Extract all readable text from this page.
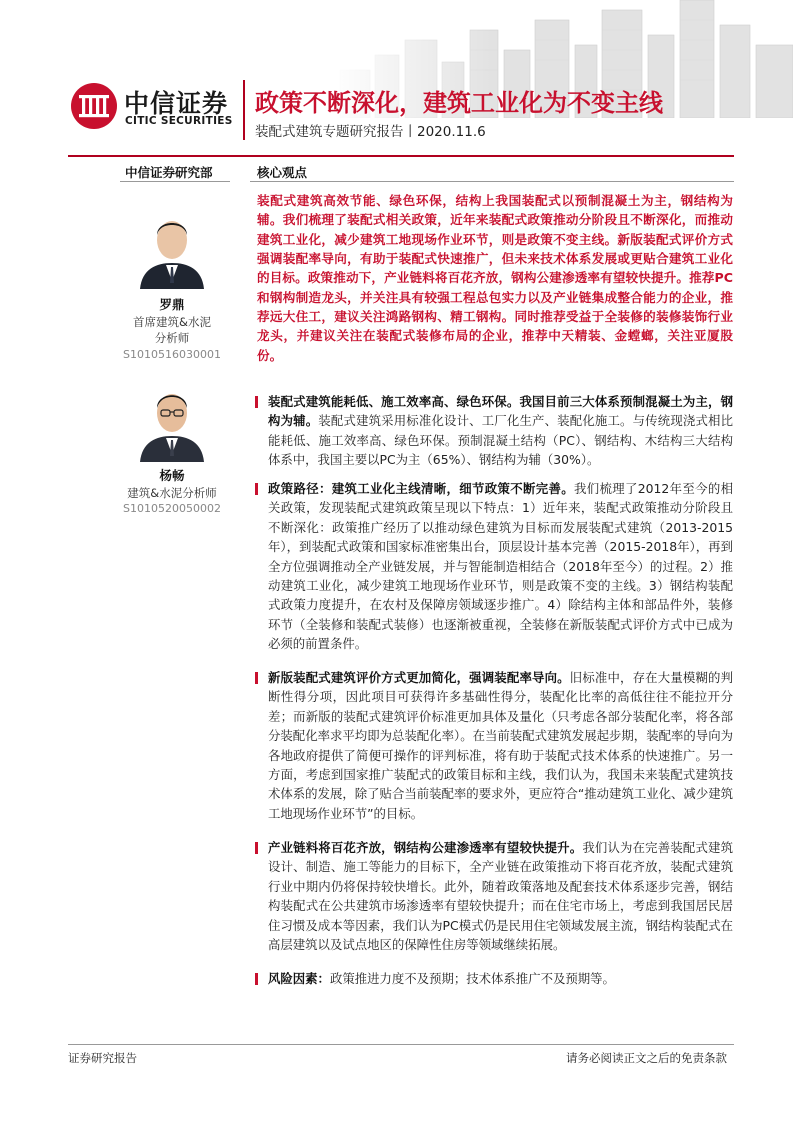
中信证券
CITIC SECURITIES
政策不断深化，建筑工业化为不变主线
装配式建筑专题研究报告丨2020.11.6
中信证券研究部	核心观点
罗鼎
首席建筑&水泥
分析师
S1010516030001
杨畅
建筑&水泥分析师
S1010520050002
装配式建筑高效节能、绿色环保，结构上我国装配式以预制混凝土为主，钢结构为辅。我们梳理了装配式相关政策，近年来装配式政策推动分阶段且不断深化，而推动建筑工业化，减少建筑工地现场作业环节，则是政策不变主线。新版装配式评价方式强调装配率导向，有助于装配式快速推广，但未来技术体系发展或更贴合建筑工业化的目标。政策推动下，产业链料将百花齐放，钢构公建渗透率有望较快提升。推荐PC和钢构制造龙头，并关注具有较强工程总包实力以及产业链集成整合能力的企业，推荐远大住工，建议关注鸿路钢构、精工钢构。同时推荐受益于全装修的装修装饰行业龙头，并建议关注在装配式装修布局的企业，推荐中天精装、金螳螂，关注亚厦股份。

装配式建筑能耗低、施工效率高、绿色环保。我国目前三大体系预制混凝土为主，钢构为辅。装配式建筑采用标准化设计、工厂化生产、装配化施工。与传统现浇式相比能耗低、施工效率高、绿色环保。预制混凝土结构（PC）、钢结构、木结构三大结构体系中，我国主要以PC为主（65%）、钢结构为辅（30%）。

政策路径：建筑工业化主线清晰，细节政策不断完善。我们梳理了2012年至今的相关政策，发现装配式建筑政策呈现以下特点：1）近年来，装配式政策推动分阶段且不断深化：政策推广经历了以推动绿色建筑为目标而发展装配式建筑（2013-2015年），到装配式政策和国家标准密集出台，顶层设计基本完善（2015-2018年），再到全方位强调推动全产业链发展，并与智能制造相结合（2018年至今）的过程。2）推动建筑工业化，减少建筑工地现场作业环节，则是政策不变的主线。3）钢结构装配式政策力度提升，在农村及保障房领域逐步推广。4）除结构主体和部品件外，装修环节（全装修和装配式装修）也逐渐被重视，全装修在新版装配式评价方式中已成为必须的前置条件。

新版装配式建筑评价方式更加简化，强调装配率导向。旧标准中，存在大量模糊的判断性得分项，因此项目可获得许多基础性得分，装配化比率的高低往往不能拉开分差；而新版的装配式建筑评价标准更加具体及量化（只考虑各部分装配化率，将各部分装配化率求平均即为总装配化率）。在当前装配式建筑发展起步期，装配率的导向为各地政府提供了简便可操作的评判标准，将有助于装配式技术体系的快速推广。另一方面，考虑到国家推广装配式的政策目标和主线，我们认为，我国未来装配式建筑技术体系的发展，除了贴合当前装配率的要求外，更应符合“推动建筑工业化、减少建筑工地现场作业环节”的目标。

产业链料将百花齐放，钢结构公建渗透率有望较快提升。我们认为在完善装配式建筑设计、制造、施工等能力的目标下，全产业链在政策推动下将百花齐放，装配式建筑行业中期内仍将保持较快增长。此外，随着政策落地及配套技术体系逐步完善，钢结构装配式在公共建筑市场渗透率有望较快提升；而在住宅市场上，考虑到我国居民居住习惯及成本等因素，我们认为PC模式仍是民用住宅领域发展主流，钢结构装配式在高层建筑以及试点地区的保障性住房等领域继续拓展。

风险因素：政策推进力度不及预期；技术体系推广不及预期等。

证券研究报告	请务必阅读正文之后的免责条款
